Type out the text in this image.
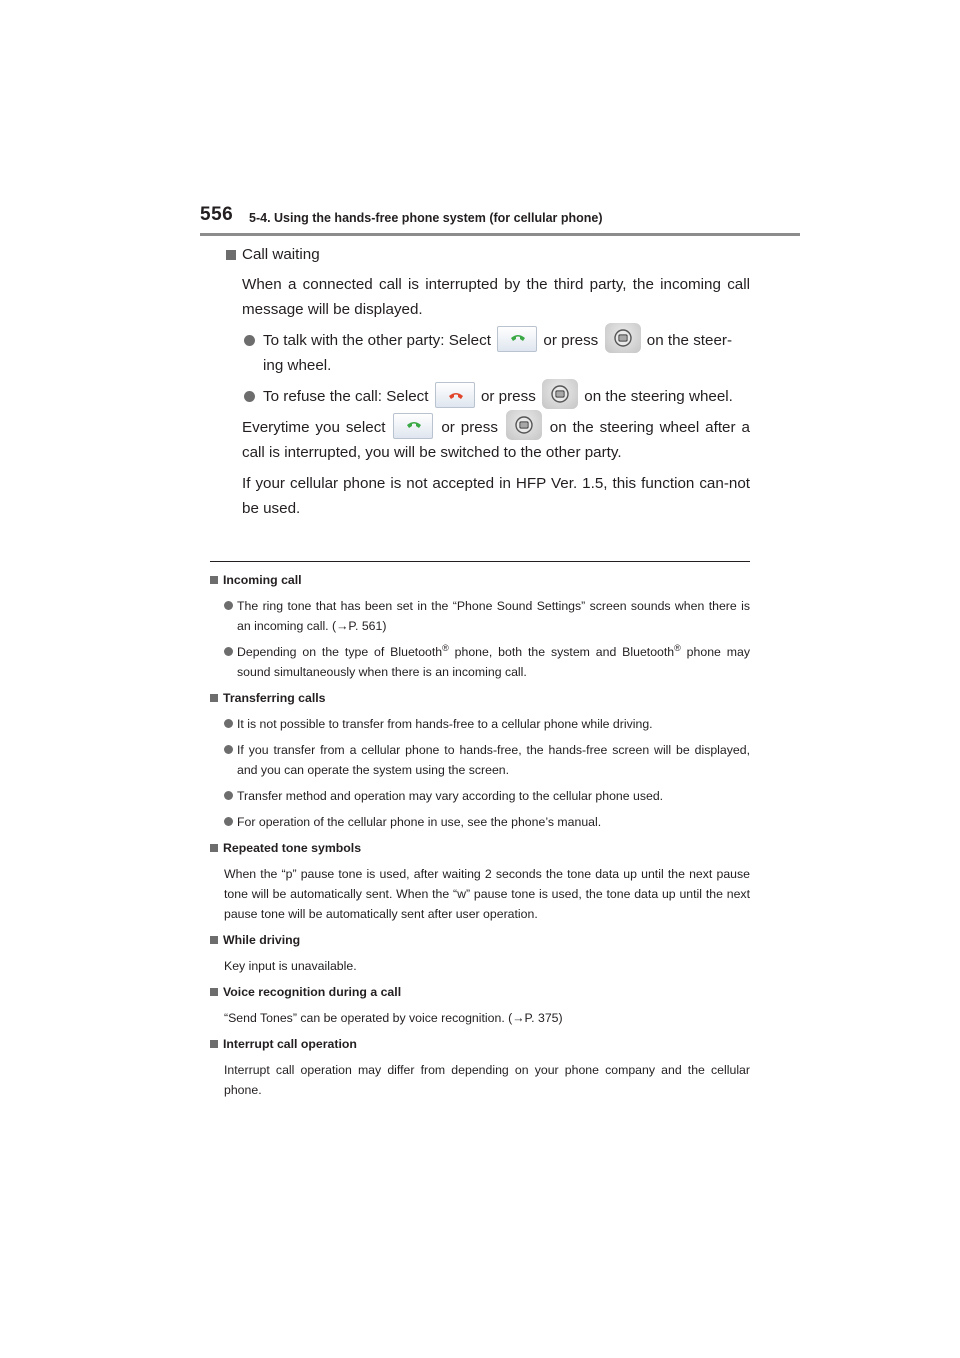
556 5-4. Using the hands-free phone system (for cellular phone)
Call waiting

When a connected call is interrupted by the third party, the incoming call message will be displayed.

To talk with the other party: Select	or press	on the steer-ing wheel.
To refuse the call: Select	or press	on the steering wheel.

Everytime you select	or press	on the steering wheel after a call is interrupted, you will be switched to the other party.

If your cellular phone is not accepted in HFP Ver. 1.5, this function can-not be used.

Incoming call
The ring tone that has been set in the “Phone Sound Settings” screen sounds when there is an incoming call. (→P. 561)
Depending on the type of Bluetooth® phone, both the system and Bluetooth® phone may sound simultaneously when there is an incoming call.
Transferring calls
It is not possible to transfer from hands-free to a cellular phone while driving.
If you transfer from a cellular phone to hands-free, the hands-free screen will be displayed, and you can operate the system using the screen.
Transfer method and operation may vary according to the cellular phone used.
For operation of the cellular phone in use, see the phone’s manual.
Repeated tone symbols
When the “p” pause tone is used, after waiting 2 seconds the tone data up until the next pause tone will be automatically sent. When the “w” pause tone is used, the tone data up until the next pause tone will be automatically sent after user operation.
While driving
Key input is unavailable.
Voice recognition during a call
“Send Tones” can be operated by voice recognition. (→P. 375)
Interrupt call operation
Interrupt call operation may differ from depending on your phone company and the cellular phone.
